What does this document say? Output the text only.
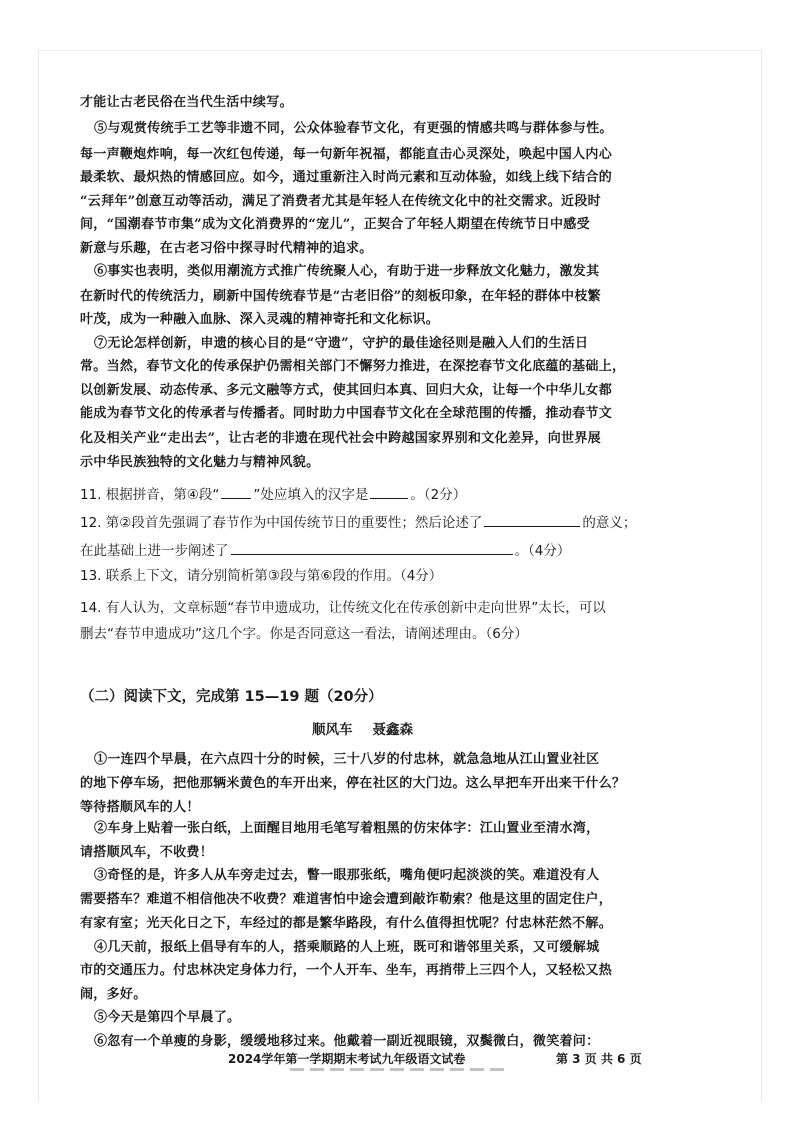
才能让古老民俗在当代生活中续写。
⑤与观赏传统手工艺等非遗不同，公众体验春节文化，有更强的情感共鸣与群体参与性。
每一声鞭炮炸响，每一次红包传递，每一句新年祝福，都能直击心灵深处，唤起中国人内心
最柔软、最炽热的情感回应。如今，通过重新注入时尚元素和互动体验，如线上线下结合的
“云拜年”创意互动等活动，满足了消费者尤其是年轻人在传统文化中的社交需求。近段时
间，“国潮春节市集”成为文化消费界的“宠儿”，正契合了年轻人期望在传统节日中感受
新意与乐趣，在古老习俗中探寻时代精神的追求。
⑥事实也表明，类似用潮流方式推广传统聚人心，有助于进一步释放文化魅力，激发其
在新时代的传统活力，刷新中国传统春节是“古老旧俗”的刻板印象，在年轻的群体中枝繁
叶茂，成为一种融入血脉、深入灵魂的精神寄托和文化标识。
⑦无论怎样创新，申遗的核心目的是“守遗”，守护的最佳途径则是融入人们的生活日
常。当然，春节文化的传承保护仍需相关部门不懈努力推进，在深挖春节文化底蕴的基础上，
以创新发展、动态传承、多元文融等方式，使其回归本真、回归大众，让每一个中华儿女都
能成为春节文化的传承者与传播者。同时助力中国春节文化在全球范围的传播，推动春节文
化及相关产业“走出去”，让古老的非遗在现代社会中跨越国家界别和文化差异，向世界展
示中华民族独特的文化魅力与精神风貌。
11. 根据拼音，第④段“	”处应填入的汉字是	。（2分）
12. 第②段首先强调了春节作为中国传统节日的重要性；然后论述了	的意义；
在此基础上进一步阐述了	。（4分）
13. 联系上下文，请分别简析第③段与第⑥段的作用。（4分）
14. 有人认为，文章标题“春节申遗成功，让传统文化在传承创新中走向世界”太长，可以
删去“春节申遗成功”这几个字。你是否同意这一看法，请阐述理由。（6分）
（二）阅读下文，完成第 15—19 题（20分）
顺风车 聂鑫森
①一连四个早晨，在六点四十分的时候，三十八岁的付忠林，就急急地从江山置业社区
的地下停车场，把他那辆米黄色的车开出来，停在社区的大门边。这么早把车开出来干什么？
等待搭顺风车的人！
②车身上贴着一张白纸，上面醒目地用毛笔写着粗黑的仿宋体字：江山置业至清水湾，
请搭顺风车，不收费！
③奇怪的是，许多人从车旁走过去，瞥一眼那张纸，嘴角便叼起淡淡的笑。难道没有人
需要搭车？难道不相信他决不收费？难道害怕中途会遭到敲诈勒索？他是这里的固定住户，
有家有室；光天化日之下，车经过的都是繁华路段，有什么值得担忧呢？付忠林茫然不解。
④几天前，报纸上倡导有车的人，搭乘顺路的人上班，既可和谐邻里关系，又可缓解城
市的交通压力。付忠林决定身体力行，一个人开车、坐车，再捎带上三四个人，又轻松又热
闹，多好。
⑤今天是第四个早晨了。
⑥忽有一个单瘦的身影，缓缓地移过来。他戴着一副近视眼镜，双鬓微白，微笑着问：
2024学年第一学期期末考试九年级语文试卷	第 3 页 共 6 页
